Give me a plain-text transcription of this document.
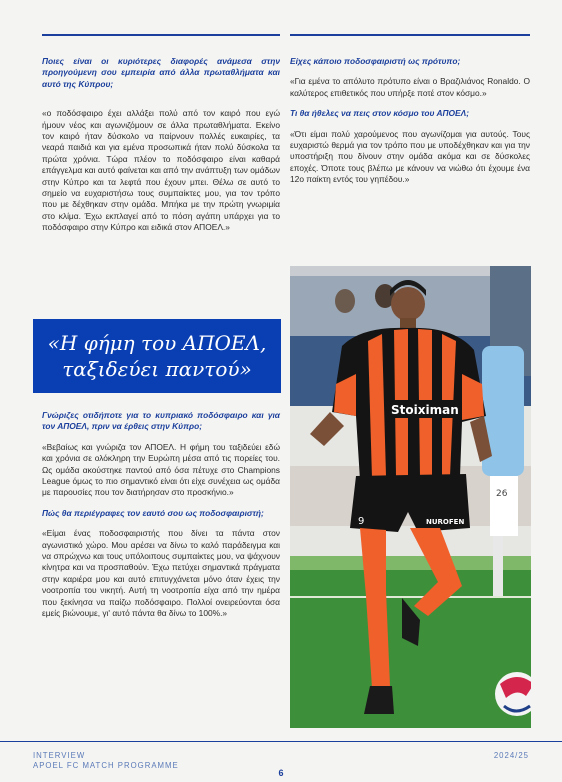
Ποιες είναι οι κυριότερες διαφορές ανάμεσα στην προηγούμενη σου εμπειρία από άλλα πρωταθλήματα και αυτό της Κύπρου;

«ο ποδόσφαιρο έχει αλλάξει πολύ από τον καιρό που εγώ ήμουν νέος και αγωνιζόμουν σε άλλα πρωταθλήματα. Εκείνο τον καιρό ήταν δύσκολο να παίρνουν πολλές ευκαιρίες, τα νεαρά παιδιά και για εμένα προσωπικά ήταν πολύ δύσκολα τα πρώτα χρόνια. Τώρα πλέον το ποδόσφαιρο είναι καθαρά επάγγελμα και αυτό φαίνεται και από την ανάπτυξη των ομάδων στην Κύπρο και τα λεφτά που έχουν μπει. Θέλω σε αυτό το σημείο να ευχαριστήσω τους συμπαίκτες μου, για τον τρόπο που με δέχθηκαν στην ομάδα. Μπήκα με την πρώτη γνωριμία στο κλίμα. Έχω εκπλαγεί από το πόση αγάπη υπάρχει για το ποδόσφαιρο στην Κύπρο και ειδικά στον ΑΠΟΕΛ.»

«Η φήμη του ΑΠΟΕΛ, ταξιδεύει παντού»

Γνώριζες οτιδήποτε για το κυπριακό ποδόσφαιρο και για τον ΑΠΟΕΛ, πριν να έρθεις στην Κύπρο;

«Βεβαίως και γνώριζα τον ΑΠΟΕΛ. Η φήμη του ταξιδεύει εδώ και χρόνια σε ολόκληρη την Ευρώπη μέσα από τις πορείες του. Ως ομάδα ακούστηκε παντού από όσα πέτυχε στο Champions League όμως το πιο σημαντικό είναι ότι είχε συνέχεια ως ομάδα με παρουσίες που τον διατήρησαν στο προσκήνιο.»

Πώς θα περιέγραφες τον εαυτό σου ως ποδοσφαιριστή;

«Είμαι ένας ποδοσφαιριστής που δίνει τα πάντα στον αγωνιστικό χώρο. Μου αρέσει να δίνω το καλό παράδειγμα και να σπρώχνω και τους υπόλοιπους συμπαίκτες μου, να ψάχνουν κίνητρα και να προσπαθούν. Έχω πετύχει σημαντικά πράγματα στην καριέρα μου και αυτό επιτυγχάνεται μόνο όταν έχεις την νοοτροπία του νικητή. Αυτή τη νοοτροπία είχα από την ημέρα που ξεκίνησα να παίζω ποδόσφαιρο. Πολλοί ονειρεύονται όσα εμείς βιώνουμε, γι' αυτό πάντα θα δίνω το 100%.»

Είχες κάποιο ποδοσφαιριστή ως πρότυπο;

«Για εμένα το απόλυτο πρότυπο είναι ο Βραζιλιάνος Ronaldo. Ο καλύτερος επιθετικός που υπήρξε ποτέ στον κόσμο.»

Τι θα ήθελες να πεις στον κόσμο του ΑΠΟΕΛ;

«Ότι είμαι πολύ χαρούμενος που αγωνίζομαι για αυτούς. Τους ευχαριστώ θερμά για τον τρόπο που με υποδέχθηκαν και για την υποστήριξη που δίνουν στην ομάδα ακόμα και σε δύσκολες εποχές. Όποτε τους βλέπω με κάνουν να νιώθω ότι έχουμε ένα 12ο παίκτη εντός του γηπέδου.»

26
Stoiximan
NUROFEN
9
INTERVIEW
APOEL FC MATCH PROGRAMME
2024/25
6
